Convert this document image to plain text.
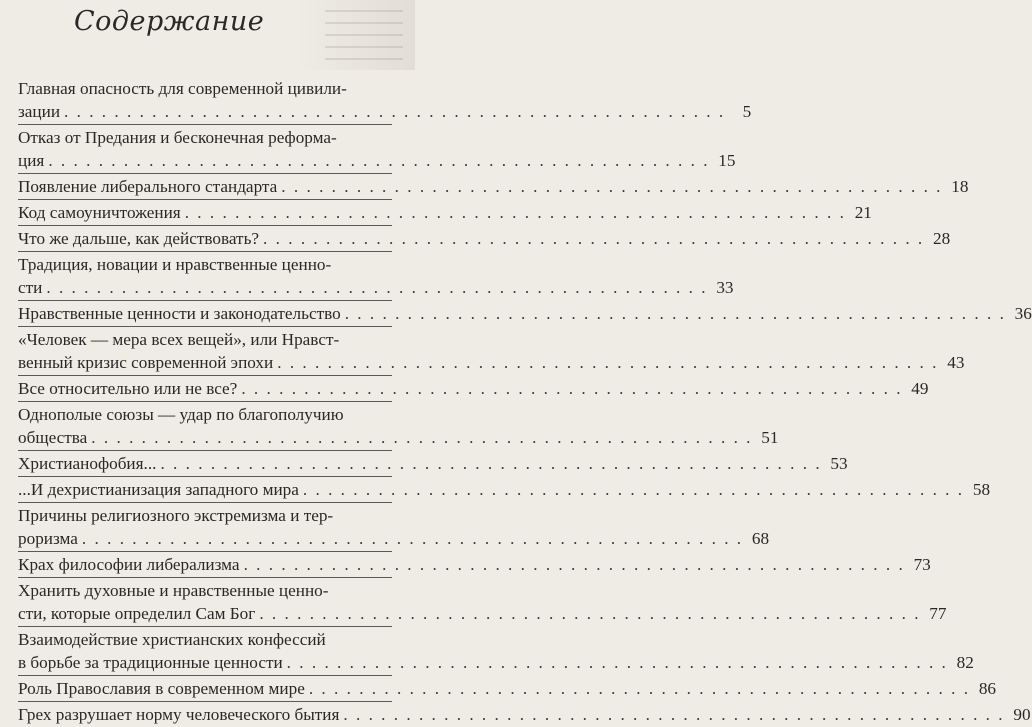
Содержание
Главная опасность для современной цивили-
зации . . . . . . . . . . . . . . . . . . . . . . . . . . . . . . . . . . . . . . . . . . . . . . . . . . . . .	5
Отказ от Предания и бесконечная реформа-
ция . . . . . . . . . . . . . . . . . . . . . . . . . . . . . . . . . . . . . . . . . . . . . . . . . . . . . 15
Появление либерального стандарта . . . . . . . . . . . . . . . . . . . . . . . . . . . . . . . . . . . . . . . . . . . . . . . . . . . . . 18
Код самоуничтожения . . . . . . . . . . . . . . . . . . . . . . . . . . . . . . . . . . . . . . . . . . . . . . . . . . . . . 21
Что же дальше, как действовать? . . . . . . . . . . . . . . . . . . . . . . . . . . . . . . . . . . . . . . . . . . . . . . . . . . . . . 28
Традиция, новации и нравственные ценно-
сти . . . . . . . . . . . . . . . . . . . . . . . . . . . . . . . . . . . . . . . . . . . . . . . . . . . . . 33
Нравственные ценности и законодательство . . . . . . . . . . . . . . . . . . . . . . . . . . . . . . . . . . . . . . . . . . . . . . . . . . . . . 36
«Человек — мера всех вещей», или Нравст-
венный кризис современной эпохи . . . . . . . . . . . . . . . . . . . . . . . . . . . . . . . . . . . . . . . . . . . . . . . . . . . . . 43
Все относительно или не все? . . . . . . . . . . . . . . . . . . . . . . . . . . . . . . . . . . . . . . . . . . . . . . . . . . . . . 49
Однополые союзы — удар по благополучию
общества . . . . . . . . . . . . . . . . . . . . . . . . . . . . . . . . . . . . . . . . . . . . . . . . . . . . . 51
Христианофобия... . . . . . . . . . . . . . . . . . . . . . . . . . . . . . . . . . . . . . . . . . . . . . . . . . . . . . 53
...И дехристианизация западного мира . . . . . . . . . . . . . . . . . . . . . . . . . . . . . . . . . . . . . . . . . . . . . . . . . . . . . 58
Причины религиозного экстремизма и тер-
роризма . . . . . . . . . . . . . . . . . . . . . . . . . . . . . . . . . . . . . . . . . . . . . . . . . . . . . 68
Крах философии либерализма . . . . . . . . . . . . . . . . . . . . . . . . . . . . . . . . . . . . . . . . . . . . . . . . . . . . . 73
Хранить духовные и нравственные ценно-
сти, которые определил Сам Бог . . . . . . . . . . . . . . . . . . . . . . . . . . . . . . . . . . . . . . . . . . . . . . . . . . . . . 77
Взаимодействие христианских конфессий
в борьбе за традиционные ценности . . . . . . . . . . . . . . . . . . . . . . . . . . . . . . . . . . . . . . . . . . . . . . . . . . . . . 82
Роль Православия в современном мире . . . . . . . . . . . . . . . . . . . . . . . . . . . . . . . . . . . . . . . . . . . . . . . . . . . . . 86
Грех разрушает норму человеческого бытия . . . . . . . . . . . . . . . . . . . . . . . . . . . . . . . . . . . . . . . . . . . . . . . . . . . . . 90
